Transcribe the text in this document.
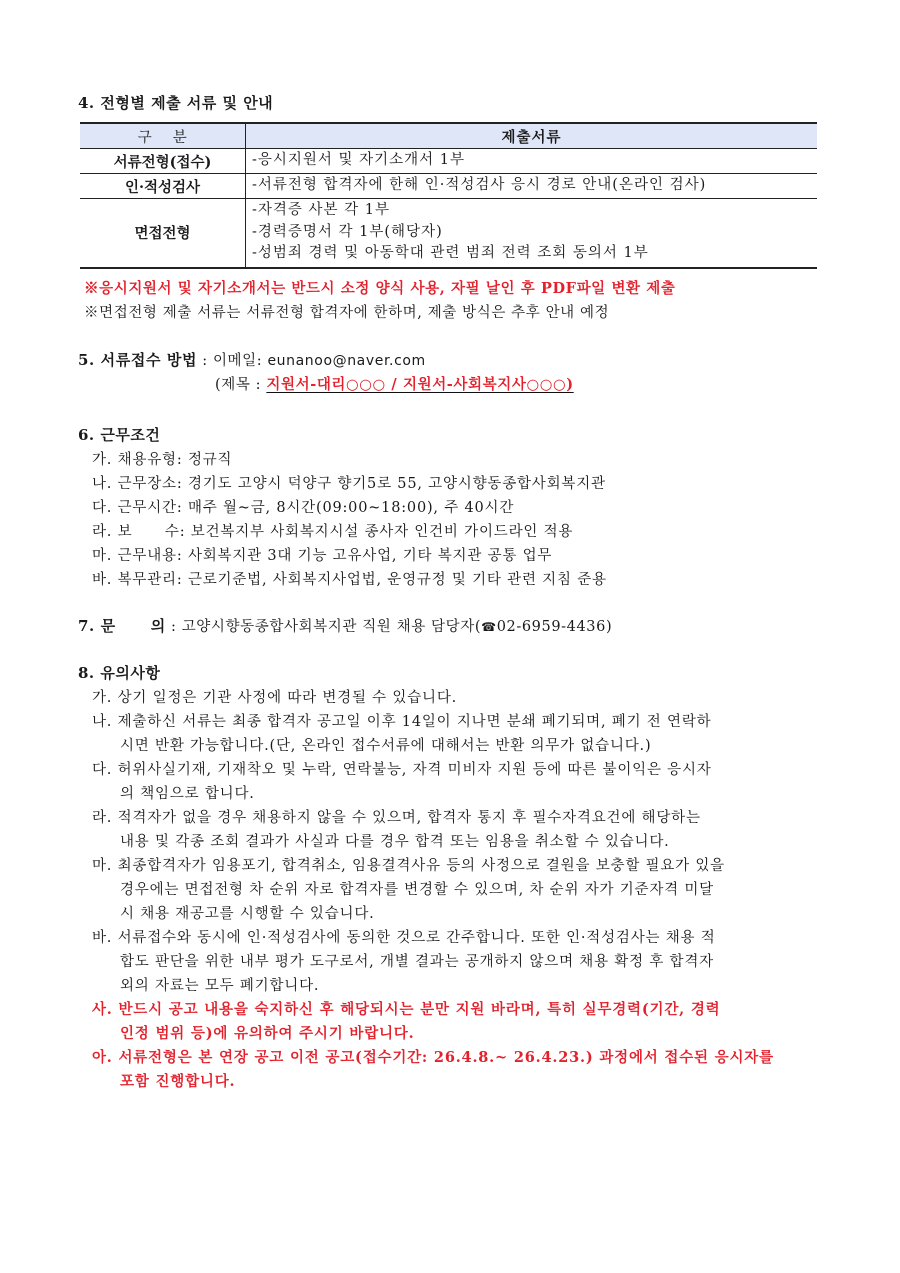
4. 전형별 제출 서류 및 안내
구    분	제출서류
서류전형(접수)	-응시지원서 및 자기소개서 1부

인·적성검사	-서류전형 합격자에 한해 인·적성검사 응시 경로 안내(온라인 검사)

면접전형	-자격증 사본 각 1부
-경력증명서 각 1부(해당자)
-성범죄 경력 및 아동학대 관련 범죄 전력 조회 동의서 1부
※응시지원서 및 자기소개서는 반드시 소정 양식 사용, 자필 날인 후 PDF파일 변환 제출
※면접전형 제출 서류는 서류전형 합격자에 한하며, 제출 방식은 추후 안내 예정
5. 서류접수 방법 : 이메일: eunanoo@naver.com
(제목 : 지원서-대리○○○ / 지원서-사회복지사○○○)
6. 근무조건
가. 채용유형: 정규직
나. 근무장소: 경기도 고양시 덕양구 향기5로 55, 고양시향동종합사회복지관
다. 근무시간: 매주 월~금, 8시간(09:00~18:00), 주 40시간
라. 보      수: 보건복지부 사회복지시설 종사자 인건비 가이드라인 적용
마. 근무내용: 사회복지관 3대 기능 고유사업, 기타 복지관 공통 업무
바. 복무관리: 근로기준법, 사회복지사업법, 운영규정 및 기타 관련 지침 준용
7. 문      의 : 고양시향동종합사회복지관 직원 채용 담당자(☎02-6959-4436)
8. 유의사항
가. 상기 일정은 기관 사정에 따라 변경될 수 있습니다.
나. 제출하신 서류는 최종 합격자 공고일 이후 14일이 지나면 분쇄 폐기되며, 폐기 전 연락하
시면 반환 가능합니다.(단, 온라인 접수서류에 대해서는 반환 의무가 없습니다.)
다. 허위사실기재, 기재착오 및 누락, 연락불능, 자격 미비자 지원 등에 따른 불이익은 응시자
의 책임으로 합니다.
라. 적격자가 없을 경우 채용하지 않을 수 있으며, 합격자 통지 후 필수자격요건에 해당하는
내용 및 각종 조회 결과가 사실과 다를 경우 합격 또는 임용을 취소할 수 있습니다.
마. 최종합격자가 임용포기, 합격취소, 임용결격사유 등의 사정으로 결원을 보충할 필요가 있을
경우에는 면접전형 차 순위 자로 합격자를 변경할 수 있으며, 차 순위 자가 기준자격 미달
시 채용 재공고를 시행할 수 있습니다.
바. 서류접수와 동시에 인·적성검사에 동의한 것으로 간주합니다. 또한 인·적성검사는 채용 적
합도 판단을 위한 내부 평가 도구로서, 개별 결과는 공개하지 않으며 채용 확정 후 합격자
외의 자료는 모두 폐기합니다.
사. 반드시 공고 내용을 숙지하신 후 해당되시는 분만 지원 바라며, 특히 실무경력(기간, 경력
인정 범위 등)에 유의하여 주시기 바랍니다.
아. 서류전형은 본 연장 공고 이전 공고(접수기간: 26.4.8.~ 26.4.23.) 과정에서 접수된 응시자를
포함 진행합니다.
